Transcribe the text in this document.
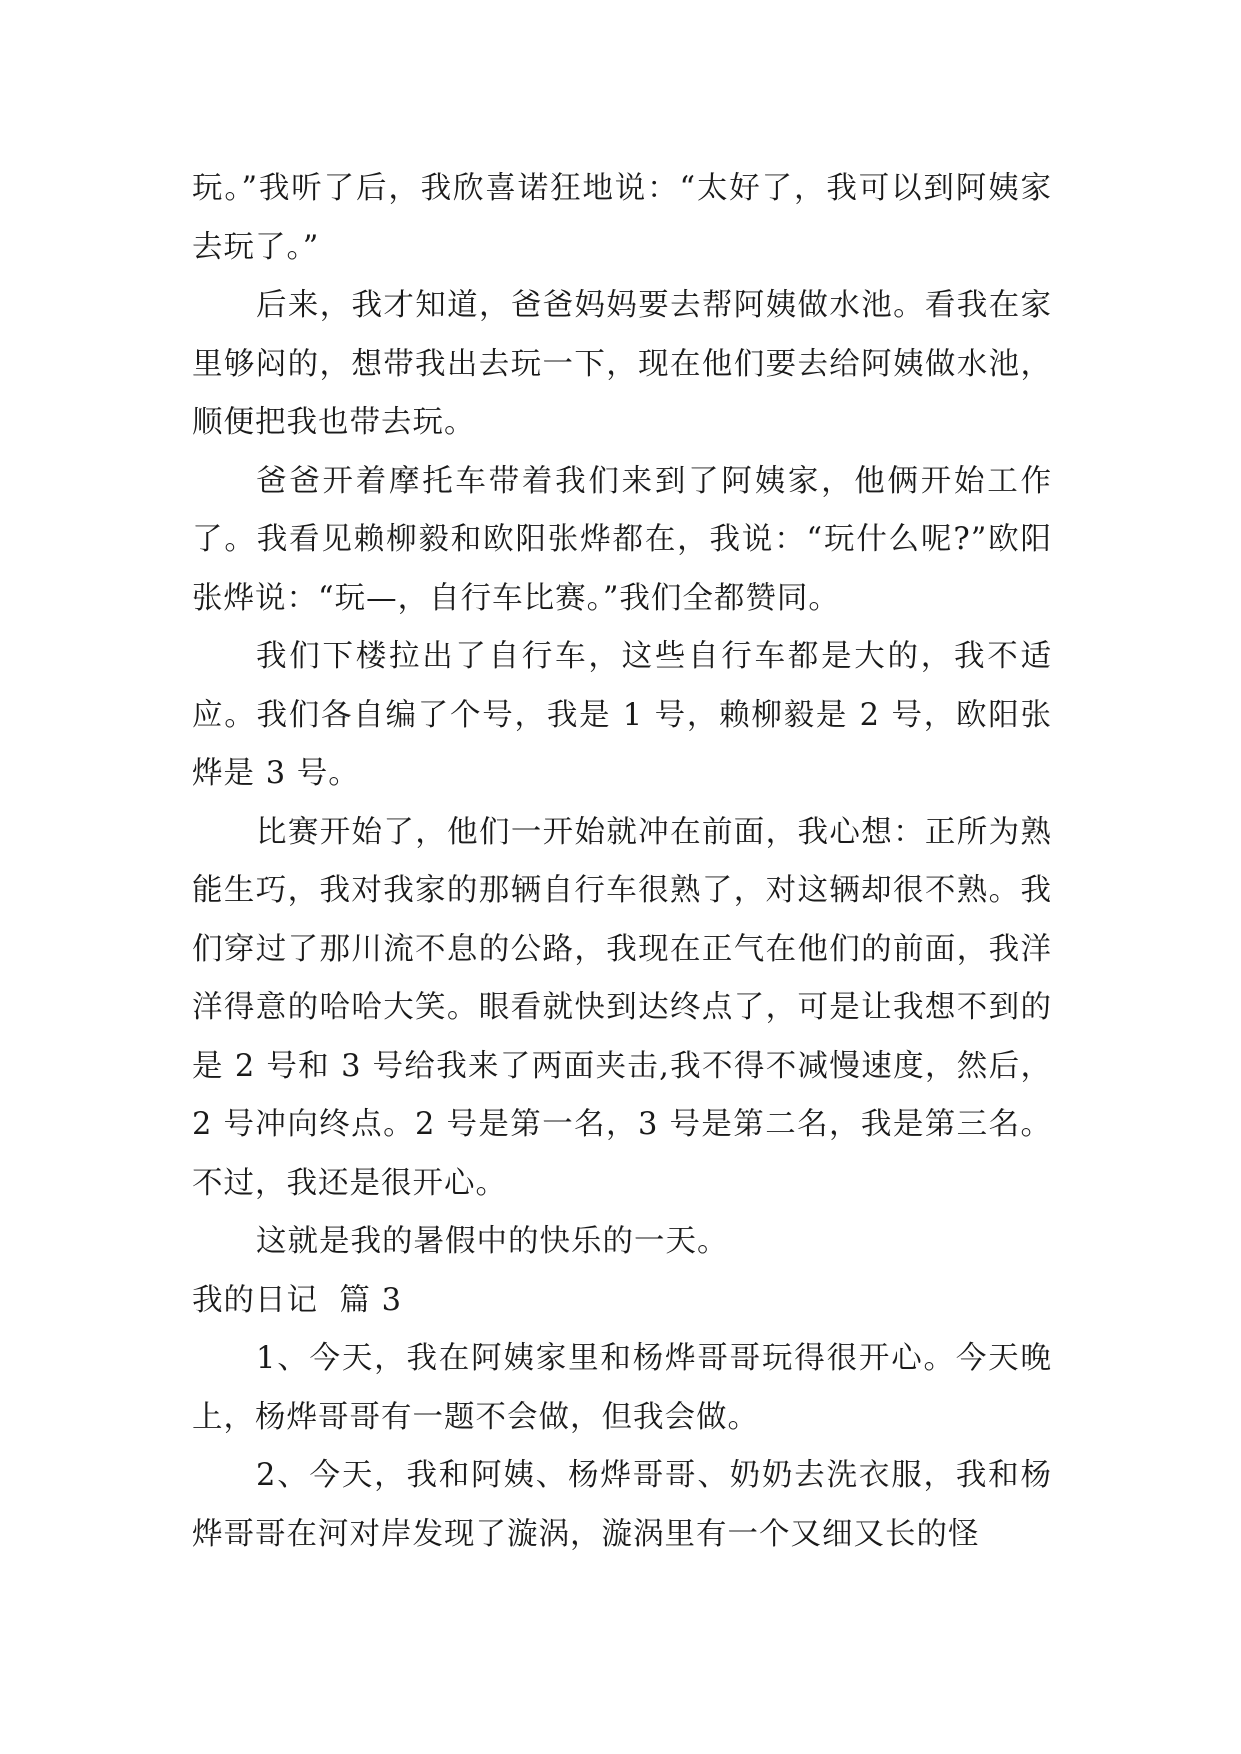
玩。”我听了后，我欣喜诺狂地说：“太好了，我可以到阿姨家去玩了。”

后来，我才知道，爸爸妈妈要去帮阿姨做水池。看我在家里够闷的，想带我出去玩一下，现在他们要去给阿姨做水池，顺便把我也带去玩。

爸爸开着摩托车带着我们来到了阿姨家，他俩开始工作了。我看见赖柳毅和欧阳张烨都在，我说：“玩什么呢?”欧阳张烨说：“玩—，自行车比赛。”我们全都赞同。

我们下楼拉出了自行车，这些自行车都是大的，我不适应。我们各自编了个号，我是 1 号，赖柳毅是 2 号，欧阳张烨是 3 号。

比赛开始了，他们一开始就冲在前面，我心想：正所为熟能生巧，我对我家的那辆自行车很熟了，对这辆却很不熟。我们穿过了那川流不息的公路，我现在正气在他们的前面，我洋洋得意的哈哈大笑。眼看就快到达终点了，可是让我想不到的是 2 号和 3 号给我来了两面夹击,我不得不减慢速度，然后，2 号冲向终点。2 号是第一名，3 号是第二名，我是第三名。不过，我还是很开心。

这就是我的暑假中的快乐的一天。

我的日记  篇 3

1、今天，我在阿姨家里和杨烨哥哥玩得很开心。今天晚上，杨烨哥哥有一题不会做，但我会做。

2、今天，我和阿姨、杨烨哥哥、奶奶去洗衣服，我和杨烨哥哥在河对岸发现了漩涡，漩涡里有一个又细又长的怪
